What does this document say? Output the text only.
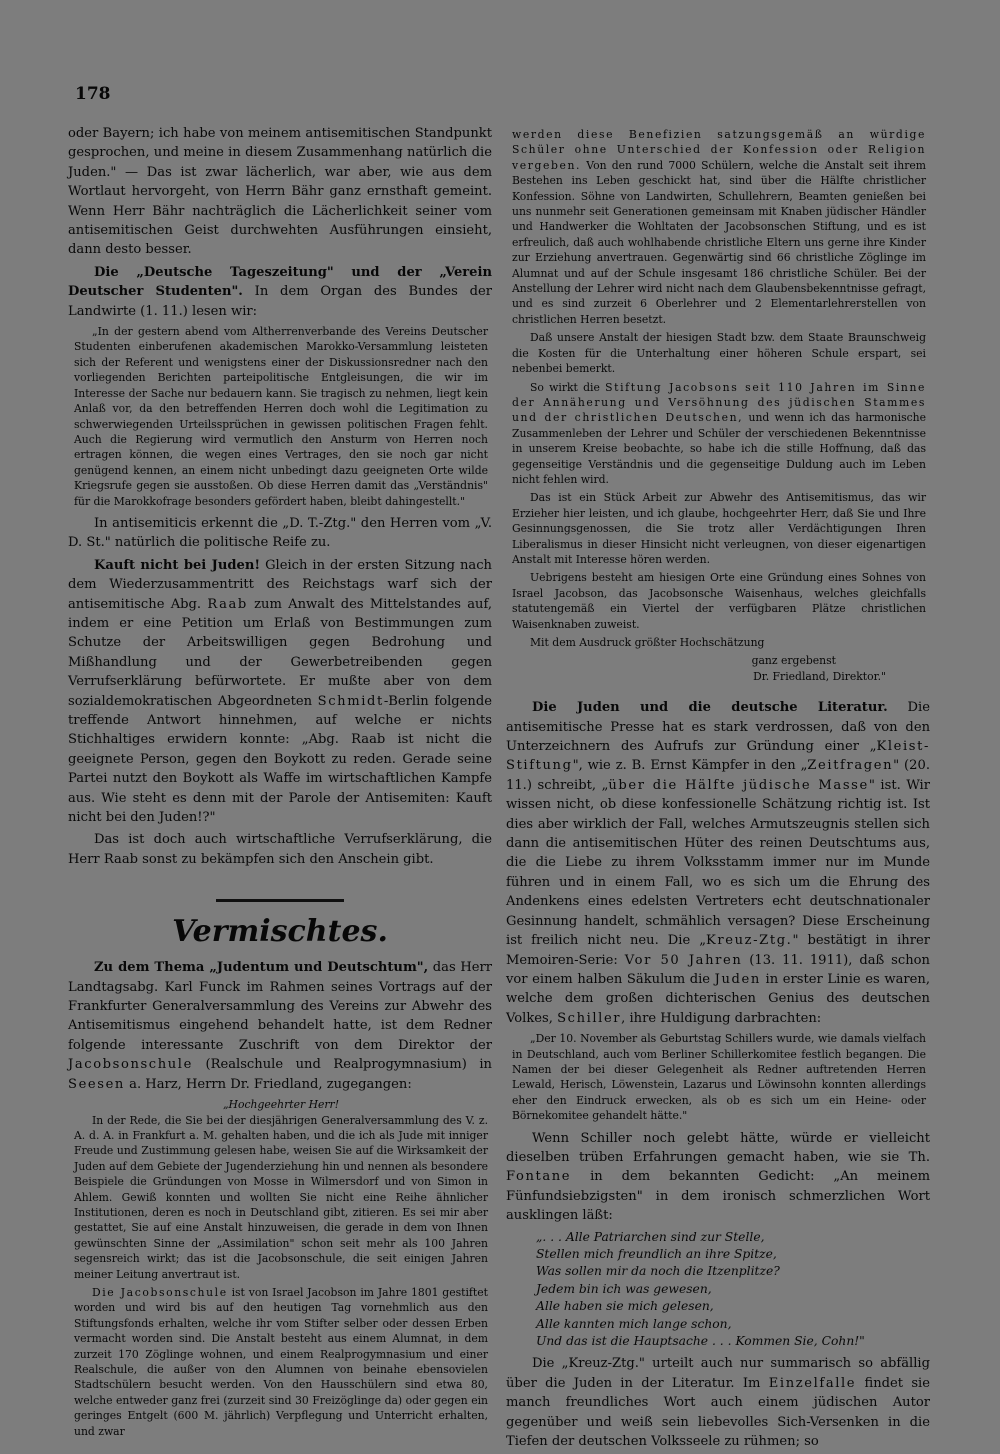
178

oder Bayern; ich habe von meinem antisemitischen Standpunkt gesprochen, und meine in diesem Zusammenhang natürlich die Juden." — Das ist zwar lächerlich, war aber, wie aus dem Wortlaut hervorgeht, von Herrn Bähr ganz ernsthaft gemeint. Wenn Herr Bähr nachträglich die Lächerlichkeit seiner vom antisemitischen Geist durchwehten Ausführungen einsieht, dann desto besser.

Die „Deutsche Tageszeitung" und der „Verein Deutscher Studenten". In dem Organ des Bundes der Landwirte (1. 11.) lesen wir:

„In der gestern abend vom Altherrenverbande des Vereins Deutscher Studenten einberufenen akademischen Marokko-Versammlung leisteten sich der Referent und wenigstens einer der Diskussionsredner nach den vorliegenden Berichten parteipolitische Entgleisungen, die wir im Interesse der Sache nur bedauern kann. Sie tragisch zu nehmen, liegt kein Anlaß vor, da den betreffenden Herren doch wohl die Legitimation zu schwerwiegenden Urteilssprüchen in gewissen politischen Fragen fehlt. Auch die Regierung wird vermutlich den Ansturm von Herren noch ertragen können, die wegen eines Vertrages, den sie noch gar nicht genügend kennen, an einem nicht unbedingt dazu geeigneten Orte wilde Kriegsrufe gegen sie ausstoßen. Ob diese Herren damit das „Verständnis" für die Marokkofrage besonders gefördert haben, bleibt dahingestellt."

In antisemiticis erkennt die „D. T.-Ztg." den Herren vom „V. D. St." natürlich die politische Reife zu.

Kauft nicht bei Juden! Gleich in der ersten Sitzung nach dem Wiederzusammentritt des Reichstags warf sich der antisemitische Abg. Raab zum Anwalt des Mittelstandes auf, indem er eine Petition um Erlaß von Bestimmungen zum Schutze der Arbeitswilligen gegen Bedrohung und Mißhandlung und der Gewerbetreibenden gegen Verrufserklärung befürwortete. Er mußte aber von dem sozialdemokratischen Abgeordneten Schmidt-Berlin folgende treffende Antwort hinnehmen, auf welche er nichts Stichhaltiges erwidern konnte: „Abg. Raab ist nicht die geeignete Person, gegen den Boykott zu reden. Gerade seine Partei nutzt den Boykott als Waffe im wirtschaftlichen Kampfe aus. Wie steht es denn mit der Parole der Antisemiten: Kauft nicht bei den Juden!?"

Das ist doch auch wirtschaftliche Verrufserklärung, die Herr Raab sonst zu bekämpfen sich den Anschein gibt.

Vermischtes.

Zu dem Thema „Judentum und Deutschtum", das Herr Landtagsabg. Karl Funck im Rahmen seines Vortrags auf der Frankfurter Generalversammlung des Vereins zur Abwehr des Antisemitismus eingehend behandelt hatte, ist dem Redner folgende interessante Zuschrift von dem Direktor der Jacobsonschule (Realschule und Realprogymnasium) in Seesen a. Harz, Herrn Dr. Friedland, zugegangen:

„Hochgeehrter Herr!

In der Rede, die Sie bei der diesjährigen Generalversammlung des V. z. A. d. A. in Frankfurt a. M. gehalten haben, und die ich als Jude mit inniger Freude und Zustimmung gelesen habe, weisen Sie auf die Wirksamkeit der Juden auf dem Gebiete der Jugenderziehung hin und nennen als besondere Beispiele die Gründungen von Mosse in Wilmersdorf und von Simon in Ahlem. Gewiß konnten und wollten Sie nicht eine Reihe ähnlicher Institutionen, deren es noch in Deutschland gibt, zitieren. Es sei mir aber gestattet, Sie auf eine Anstalt hinzuweisen, die gerade in dem von Ihnen gewünschten Sinne der „Assimilation" schon seit mehr als 100 Jahren segensreich wirkt; das ist die Jacobsonschule, die seit einigen Jahren meiner Leitung anvertraut ist.

Die Jacobsonschule ist von Israel Jacobson im Jahre 1801 gestiftet worden und wird bis auf den heutigen Tag vornehmlich aus den Stiftungsfonds erhalten, welche ihr vom Stifter selber oder dessen Erben vermacht worden sind. Die Anstalt besteht aus einem Alumnat, in dem zurzeit 170 Zöglinge wohnen, und einem Realprogymnasium und einer Realschule, die außer von den Alumnen von beinahe ebensovielen Stadtschülern besucht werden. Von den Hausschülern sind etwa 80, welche entweder ganz frei (zurzeit sind 30 Freizöglinge da) oder gegen ein geringes Entgelt (600 M. jährlich) Verpflegung und Unterricht erhalten, und zwar

werden diese Benefizien satzungsgemäß an würdige Schüler ohne Unterschied der Konfession oder Religion vergeben. Von den rund 7000 Schülern, welche die Anstalt seit ihrem Bestehen ins Leben geschickt hat, sind über die Hälfte christlicher Konfession. Söhne von Landwirten, Schullehrern, Beamten genießen bei uns nunmehr seit Generationen gemeinsam mit Knaben jüdischer Händler und Handwerker die Wohltaten der Jacobsonschen Stiftung, und es ist erfreulich, daß auch wohlhabende christliche Eltern uns gerne ihre Kinder zur Erziehung anvertrauen. Gegenwärtig sind 66 christliche Zöglinge im Alumnat und auf der Schule insgesamt 186 christliche Schüler. Bei der Anstellung der Lehrer wird nicht nach dem Glaubensbekenntnisse gefragt, und es sind zurzeit 6 Oberlehrer und 2 Elementarlehrerstellen von christlichen Herren besetzt.

Daß unsere Anstalt der hiesigen Stadt bzw. dem Staate Braunschweig die Kosten für die Unterhaltung einer höheren Schule erspart, sei nebenbei bemerkt.

So wirkt die Stiftung Jacobsons seit 110 Jahren im Sinne der Annäherung und Versöhnung des jüdischen Stammes und der christlichen Deutschen, und wenn ich das harmonische Zusammenleben der Lehrer und Schüler der verschiedenen Bekenntnisse in unserem Kreise beobachte, so habe ich die stille Hoffnung, daß das gegenseitige Verständnis und die gegenseitige Duldung auch im Leben nicht fehlen wird.

Das ist ein Stück Arbeit zur Abwehr des Antisemitismus, das wir Erzieher hier leisten, und ich glaube, hochgeehrter Herr, daß Sie und Ihre Gesinnungsgenossen, die Sie trotz aller Verdächtigungen Ihren Liberalismus in dieser Hinsicht nicht verleugnen, von dieser eigenartigen Anstalt mit Interesse hören werden.

Uebrigens besteht am hiesigen Orte eine Gründung eines Sohnes von Israel Jacobson, das Jacobsonsche Waisenhaus, welches gleichfalls statutengemäß ein Viertel der verfügbaren Plätze christlichen Waisenknaben zuweist.

Mit dem Ausdruck größter Hochschätzung

ganz ergebenst
Dr. Friedland, Direktor."

Die Juden und die deutsche Literatur. Die antisemitische Presse hat es stark verdrossen, daß von den Unterzeichnern des Aufrufs zur Gründung einer „Kleist-Stiftung", wie z. B. Ernst Kämpfer in den „Zeitfragen" (20. 11.) schreibt, „über die Hälfte jüdische Masse" ist. Wir wissen nicht, ob diese konfessionelle Schätzung richtig ist. Ist dies aber wirklich der Fall, welches Armutszeugnis stellen sich dann die antisemitischen Hüter des reinen Deutschtums aus, die die Liebe zu ihrem Volksstamm immer nur im Munde führen und in einem Fall, wo es sich um die Ehrung des Andenkens eines edelsten Vertreters echt deutschnationaler Gesinnung handelt, schmählich versagen? Diese Erscheinung ist freilich nicht neu. Die „Kreuz-Ztg." bestätigt in ihrer Memoiren-Serie: Vor 50 Jahren (13. 11. 1911), daß schon vor einem halben Säkulum die Juden in erster Linie es waren, welche dem großen dichterischen Genius des deutschen Volkes, Schiller, ihre Huldigung darbrachten:

„Der 10. November als Geburtstag Schillers wurde, wie damals vielfach in Deutschland, auch vom Berliner Schillerkomitee festlich begangen. Die Namen der bei dieser Gelegenheit als Redner auftretenden Herren Lewald, Herisch, Löwenstein, Lazarus und Löwinsohn konnten allerdings eher den Eindruck erwecken, als ob es sich um ein Heine- oder Börnekomitee gehandelt hätte."

Wenn Schiller noch gelebt hätte, würde er vielleicht dieselben trüben Erfahrungen gemacht haben, wie sie Th. Fontane in dem bekannten Gedicht: „An meinem Fünfundsiebzigsten" in dem ironisch schmerzlichen Wort ausklingen läßt:

„. . . Alle Patriarchen sind zur Stelle,
Stellen mich freundlich an ihre Spitze,
Was sollen mir da noch die Itzenplitze?
Jedem bin ich was gewesen,
Alle haben sie mich gelesen,
Alle kannten mich lange schon,
Und das ist die Hauptsache . . . Kommen Sie, Cohn!"

Die „Kreuz-Ztg." urteilt auch nur summarisch so abfällig über die Juden in der Literatur. Im Einzelfalle findet sie manch freundliches Wort auch einem jüdischen Autor gegenüber und weiß sein liebevolles Sich-Versenken in die Tiefen der deutschen Volksseele zu rühmen; so
